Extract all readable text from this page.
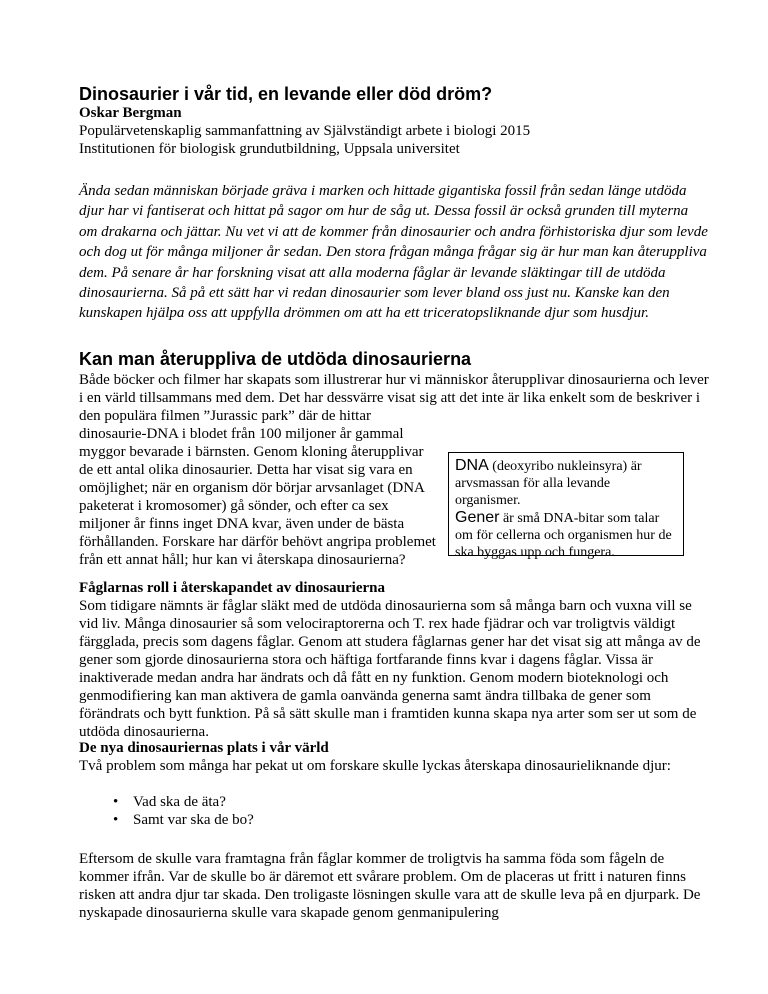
Dinosaurier i vår tid, en levande eller död dröm?
Oskar Bergman
Populärvetenskaplig sammanfattning av Självständigt arbete i biologi 2015
Institutionen för biologisk grundutbildning, Uppsala universitet

Ända sedan människan började gräva i marken och hittade gigantiska fossil från sedan länge utdöda djur har vi fantiserat och hittat på sagor om hur de såg ut. Dessa fossil är också grunden till myterna om drakarna och jättar. Nu vet vi att de kommer från dinosaurier och andra förhistoriska djur som levde och dog ut för många miljoner år sedan. Den stora frågan många frågar sig är hur man kan återuppliva dem. På senare år har forskning visat att alla moderna fåglar är levande släktingar till de utdöda dinosaurierna. Så på ett sätt har vi redan dinosaurier som lever bland oss just nu. Kanske kan den kunskapen hjälpa oss att uppfylla drömmen om att ha ett triceratopsliknande djur som husdjur.

Kan man återuppliva de utdöda dinosaurierna

Både böcker och filmer har skapats som illustrerar hur vi människor återupplivar dinosaurierna och lever i en värld tillsammans med dem. Det har dessvärre visat sig att det inte är lika enkelt som de beskriver i den populära filmen ”Jurassic park” där de hittar

dinosaurie-DNA i blodet från 100 miljoner år gammal myggor bevarade i bärnsten. Genom kloning återupplivar de ett antal olika dinosaurier. Detta har visat sig vara en omöjlighet; när en organism dör börjar arvsanlaget (DNA paketerat i kromosomer) gå sönder, och efter ca sex miljoner år finns inget DNA kvar, även under de bästa förhållanden. Forskare har därför behövt angripa problemet från ett annat håll; hur kan vi återskapa dinosaurierna?

DNA (deoxyribo nukleinsyra) är arvsmassan för alla levande organismer.

Gener är små DNA-bitar som talar om för cellerna och organismen hur de ska byggas upp och fungera.

Fåglarnas roll i återskapandet av dinosaurierna

Som tidigare nämnts är fåglar släkt med de utdöda dinosaurierna som så många barn och vuxna vill se vid liv. Många dinosaurier så som velociraptorerna och T. rex hade fjädrar och var troligtvis väldigt färgglada, precis som dagens fåglar. Genom att studera fåglarnas gener har det visat sig att många av de gener som gjorde dinosaurierna stora och häftiga fortfarande finns kvar i dagens fåglar. Vissa är inaktiverade medan andra har ändrats och då fått en ny funktion. Genom modern bioteknologi och genmodifiering kan man aktivera de gamla oanvända generna samt ändra tillbaka de gener som förändrats och bytt funktion. På så sätt skulle man i framtiden kunna skapa nya arter som ser ut som de utdöda dinosaurierna.

De nya dinosauriernas plats i vår värld

Två problem som många har pekat ut om forskare skulle lyckas återskapa dinosaurieliknande djur:

• Vad ska de äta?
• Samt var ska de bo?

Eftersom de skulle vara framtagna från fåglar kommer de troligtvis ha samma föda som fågeln de kommer ifrån. Var de skulle bo är däremot ett svårare problem. Om de placeras ut fritt i naturen finns risken att andra djur tar skada. Den troligaste lösningen skulle vara att de skulle leva på en djurpark. De nyskapade dinosaurierna skulle vara skapade genom genmanipulering
